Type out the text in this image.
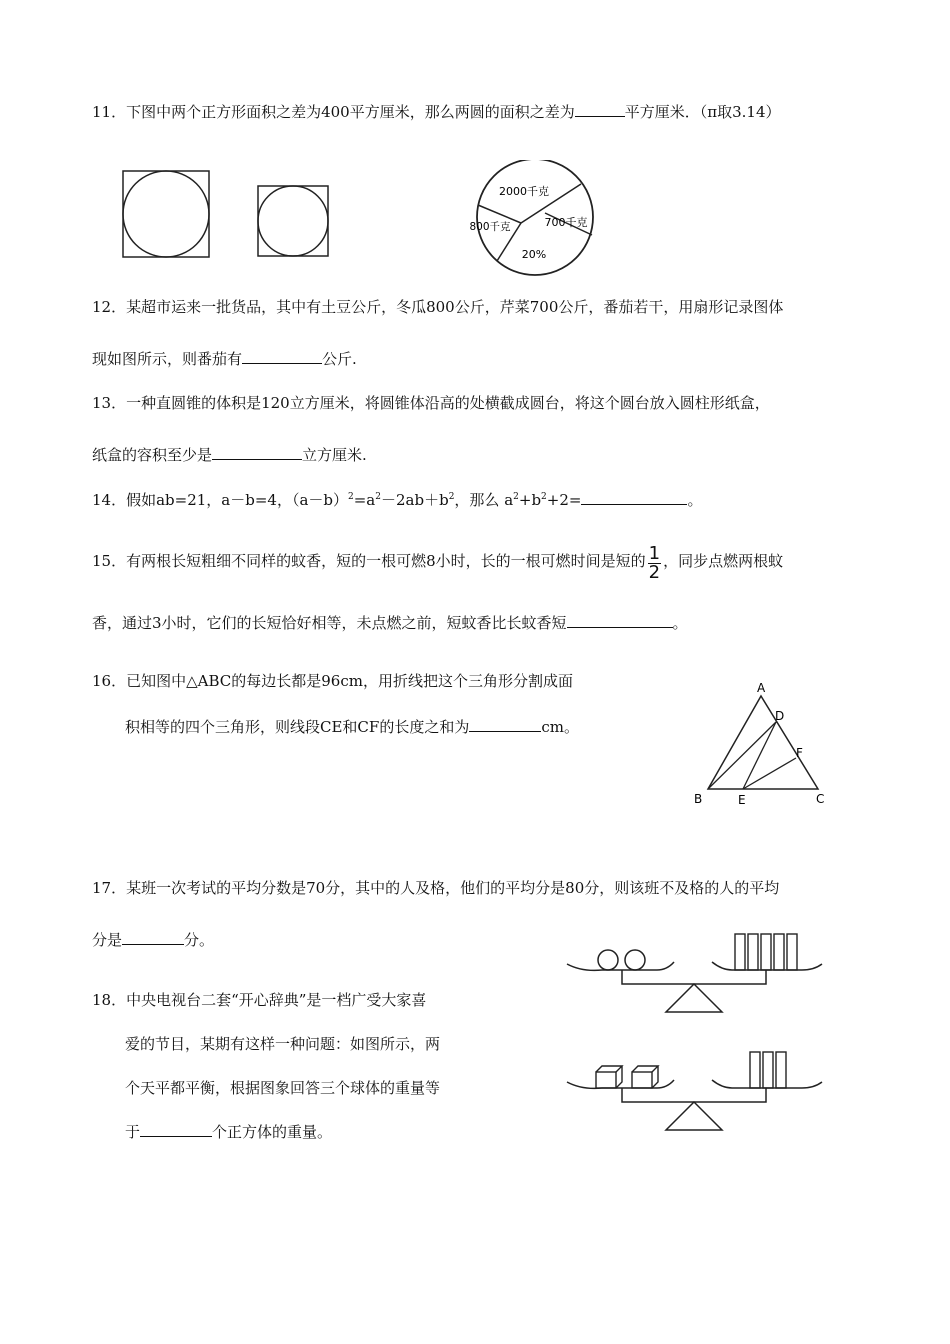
11．下图中两个正方形面积之差为400平方厘米，那么两圆的面积之差为	平方厘米．（π取3.14）
2000千克
800千克	700千克
20%
12．某超市运来一批货品，其中有土豆公斤，冬瓜800公斤，芹菜700公斤，番茄若干，用扇形记录图体
现如图所示，则番茄有	公斤.
13．一种直圆锥的体积是120立方厘米，将圆锥体沿高的处横截成圆台，将这个圆台放入圆柱形纸盒，
纸盒的容积至少是	立方厘米.
14．假如ab=21，a－b=4，$(a-b)^2=a^2-2ab+b^2$，那么 $a^2+b^2+2=$	。
15．有两根长短粗细不同样的蚊香，短的一根可燃8小时，长的一根可燃时间是短的 $\frac{1}{2}$ ，同步点燃两根蚊
香，通过3小时，它们的长短恰好相等，未点燃之前，短蚊香比长蚊香短	。
16．已知图中△ABC的每边长都是96cm，用折线把这个三角形分割成面
积相等的四个三角形，则线段CE和CF的长度之和为	cm。
A
B	C
D
E
F
17．某班一次考试的平均分数是70分，其中的人及格，他们的平均分是80分，则该班不及格的人的平均
分是	分。
18．中央电视台二套“开心辞典”是一档广受大家喜
爱的节目，某期有这样一种问题：如图所示，两
个天平都平衡，根据图象回答三个球体的重量等
于	个正方体的重量。
